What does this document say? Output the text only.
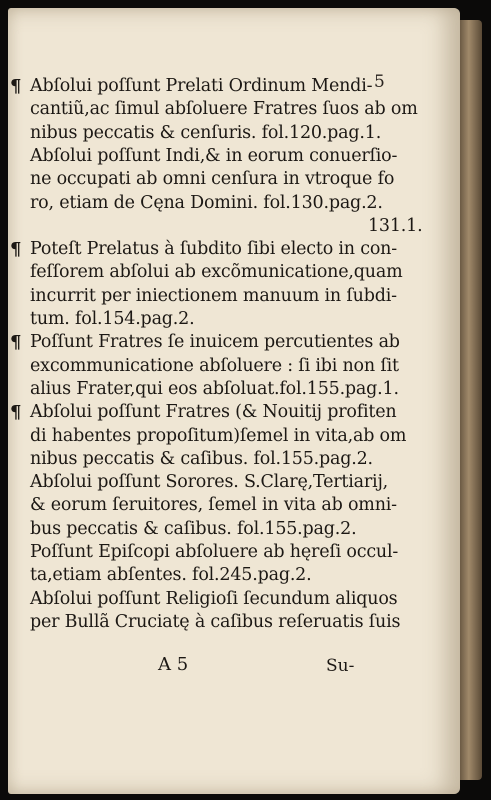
5
¶ Abſolui poſſunt Prelati Ordinum Mendi-
cantiũ,ac ſimul abſoluere Fratres ſuos ab om
nibus peccatis & cenſuris. fol.120.pag.1.
Abſolui poſſunt Indi,& in eorum conuerſio-
ne occupati ab omni cenſura in vtroque fo
ro, etiam de Cęna Domini. fol.130.pag.2.
131.1.
¶ Poteſt Prelatus à ſubdito ſibi electo in con-
feſſorem abſolui ab excõmunicatione,quam
incurrit per iniectionem manuum in ſubdi-
tum. fol.154.pag.2.
¶ Poſſunt Fratres ſe inuicem percutientes ab
excommunicatione abſoluere : ſi ibi non ſit
alius Frater,qui eos abſoluat.fol.155.pag.1.
¶ Abſolui poſſunt Fratres (& Nouitij profiten
di habentes propoſitum)ſemel in vita,ab om
nibus peccatis & caſibus. fol.155.pag.2.
Abſolui poſſunt Sorores. S.Clarę,Tertiarij,
& eorum ſeruitores, ſemel in vita ab omni-
bus peccatis & caſibus. fol.155.pag.2.
Poſſunt Epiſcopi abſoluere ab hęreſi occul-
ta,etiam abſentes. fol.245.pag.2.
Abſolui poſſunt Religioſi ſecundum aliquos
per Bullã Cruciatę à caſibus reſeruatis ſuis
A 5	Su-
